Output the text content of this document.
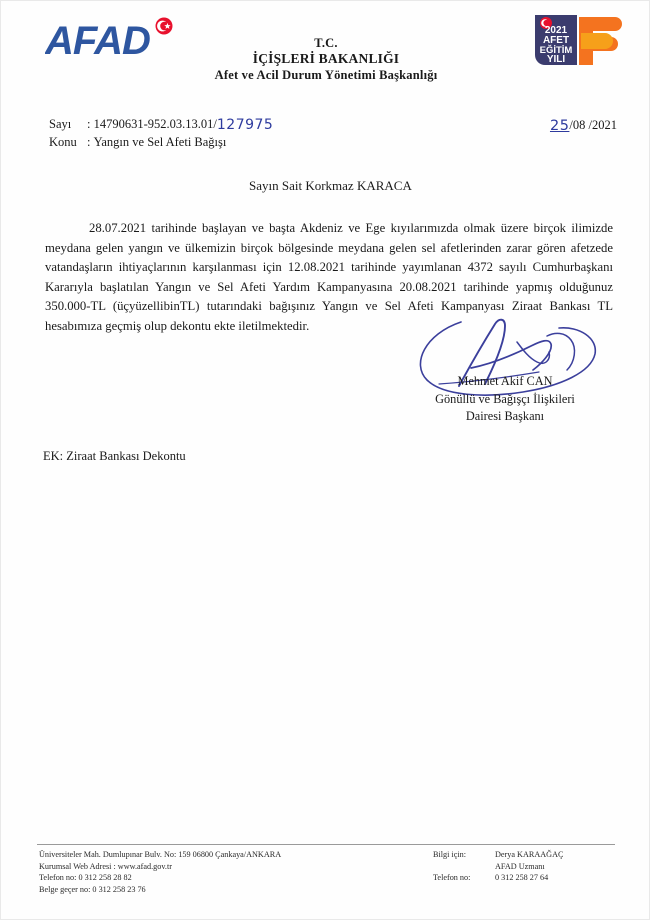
AFAD	T.C.
İÇİŞLERİ BAKANLIĞI
Afet ve Acil Durum Yönetimi Başkanlığı
2021
AFET
EĞİTİM
YILI
Sayı : 14790631-952.03.13.01/127975
Konu : Yangın ve Sel Afeti Bağışı
25/08 /2021
Sayın Sait Korkmaz KARACA
28.07.2021 tarihinde başlayan ve başta Akdeniz ve Ege kıyılarımızda olmak üzere birçok ilimizde meydana gelen yangın ve ülkemizin birçok bölgesinde meydana gelen sel afetlerinden zarar gören afetzede vatandaşların ihtiyaçlarının karşılanması için 12.08.2021 tarihinde yayımlanan 4372 sayılı Cumhurbaşkanı Kararıyla başlatılan Yangın ve Sel Afeti Yardım Kampanyasına 20.08.2021 tarihinde yapmış olduğunuz 350.000-TL (üçyüzellibinTL) tutarındaki bağışınız Yangın ve Sel Afeti Kampanyası Ziraat Bankası TL hesabımıza geçmiş olup dekontu ekte iletilmektedir.
Mehmet Akif CAN
Gönüllü ve Bağışçı İlişkileri
Dairesi Başkanı
EK: Ziraat Bankası Dekontu
Üniversiteler Mah. Dumlupınar Bulv. No: 159 06800 Çankaya/ANKARA
Kurumsal Web Adresi : www.afad.gov.tr
Telefon no: 0 312 258 28 82
Belge geçer no: 0 312 258 23 76
Bilgi için:	Derya KARAAĞAÇ
AFAD Uzmanı
Telefon no:	0 312 258 27 64
